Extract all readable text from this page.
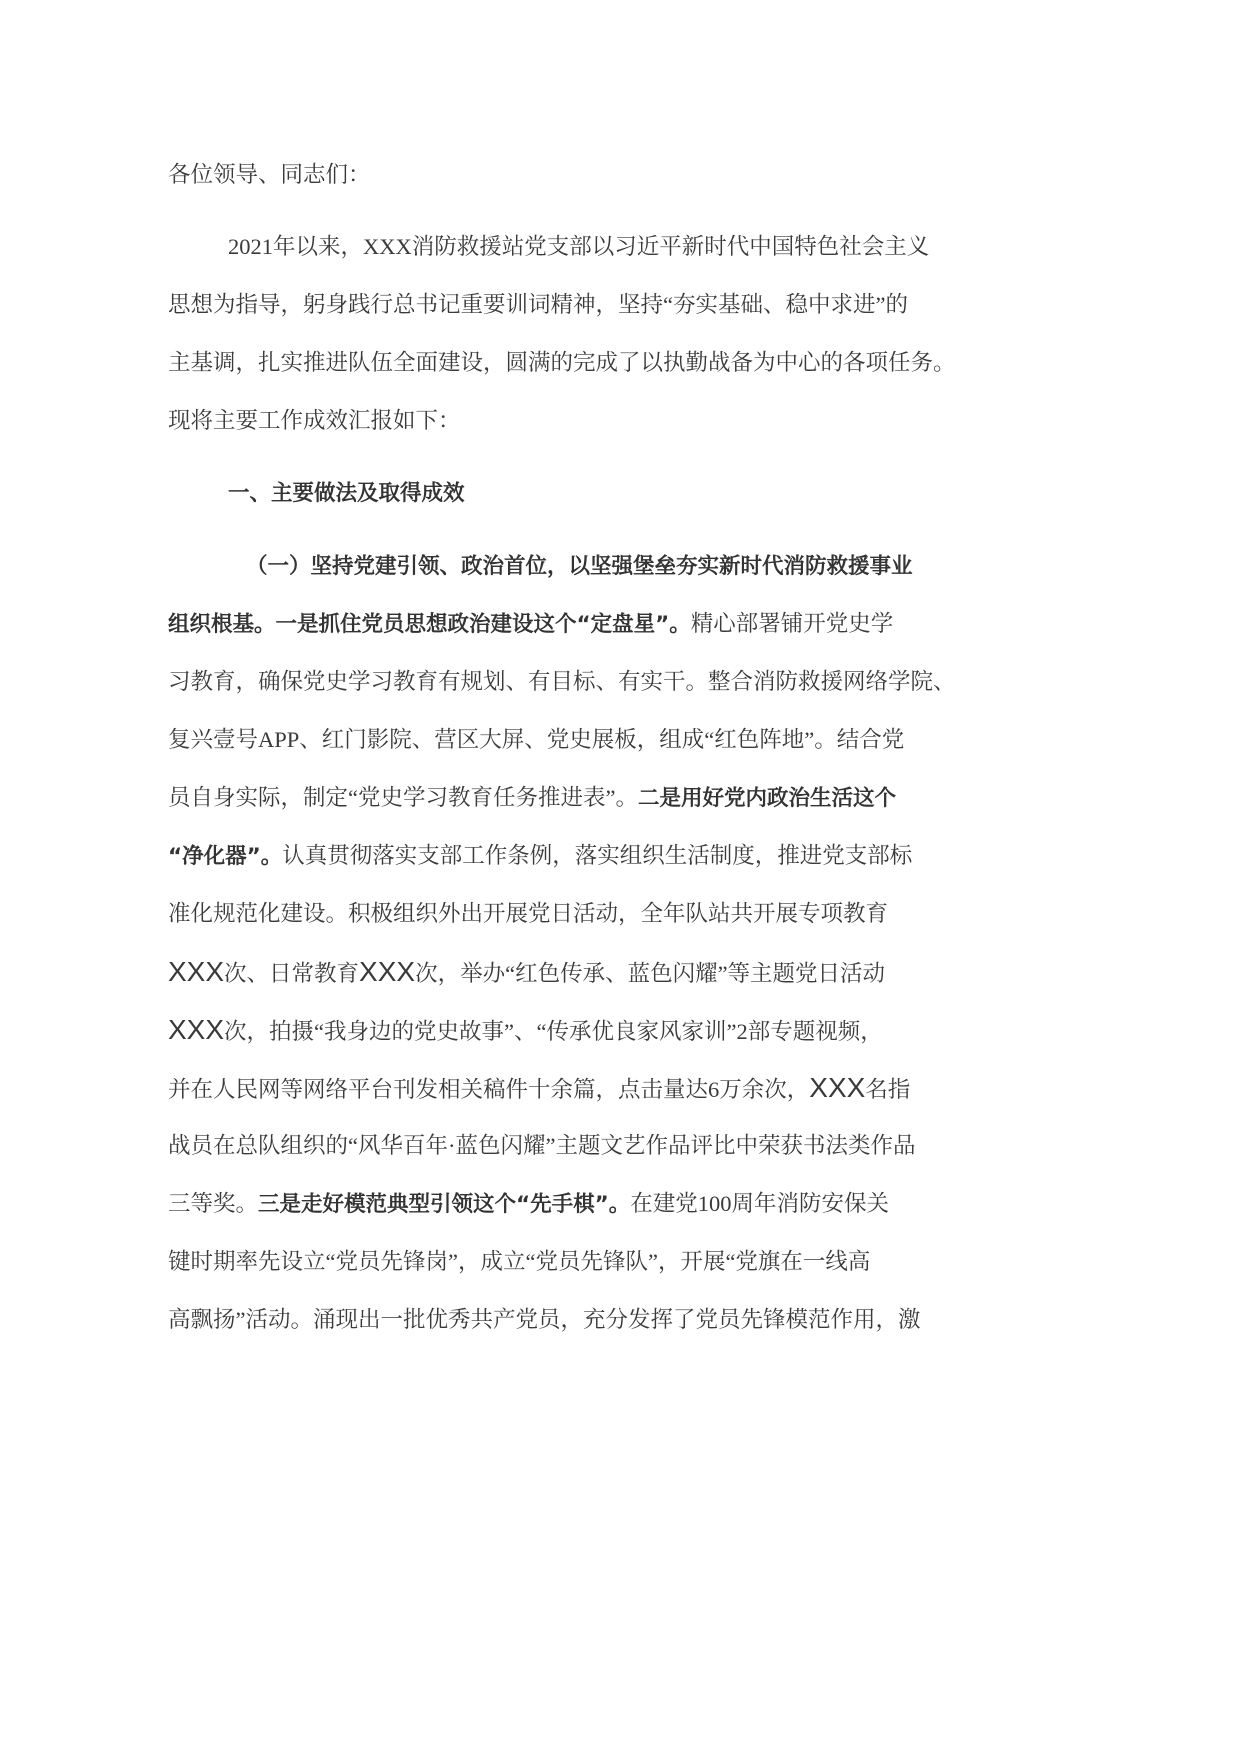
各位领导、同志们：
2021年以来，XXX消防救援站党支部以习近平新时代中国特色社会主义
思想为指导，躬身践行总书记重要训词精神，坚持“夯实基础、稳中求进”的
主基调，扎实推进队伍全面建设，圆满的完成了以执勤战备为中心的各项任务。
现将主要工作成效汇报如下：
一、主要做法及取得成效
（一）坚持党建引领、政治首位，以坚强堡垒夯实新时代消防救援事业
组织根基。一是抓住党员思想政治建设这个“定盘星”。精心部署铺开党史学
习教育，确保党史学习教育有规划、有目标、有实干。整合消防救援网络学院、
复兴壹号APP、红门影院、营区大屏、党史展板，组成“红色阵地”。结合党
员自身实际，制定“党史学习教育任务推进表”。二是用好党内政治生活这个
“净化器”。认真贯彻落实支部工作条例，落实组织生活制度，推进党支部标
准化规范化建设。积极组织外出开展党日活动，全年队站共开展专项教育
XXX次、日常教育XXX次，举办“红色传承、蓝色闪耀”等主题党日活动
XXX次，拍摄“我身边的党史故事”、“传承优良家风家训”2部专题视频，
并在人民网等网络平台刊发相关稿件十余篇，点击量达6万余次，XXX名指
战员在总队组织的“风华百年·蓝色闪耀”主题文艺作品评比中荣获书法类作品
三等奖。三是走好模范典型引领这个“先手棋”。在建党100周年消防安保关
键时期率先设立“党员先锋岗”，成立“党员先锋队”，开展“党旗在一线高
高飘扬”活动。涌现出一批优秀共产党员，充分发挥了党员先锋模范作用，激
